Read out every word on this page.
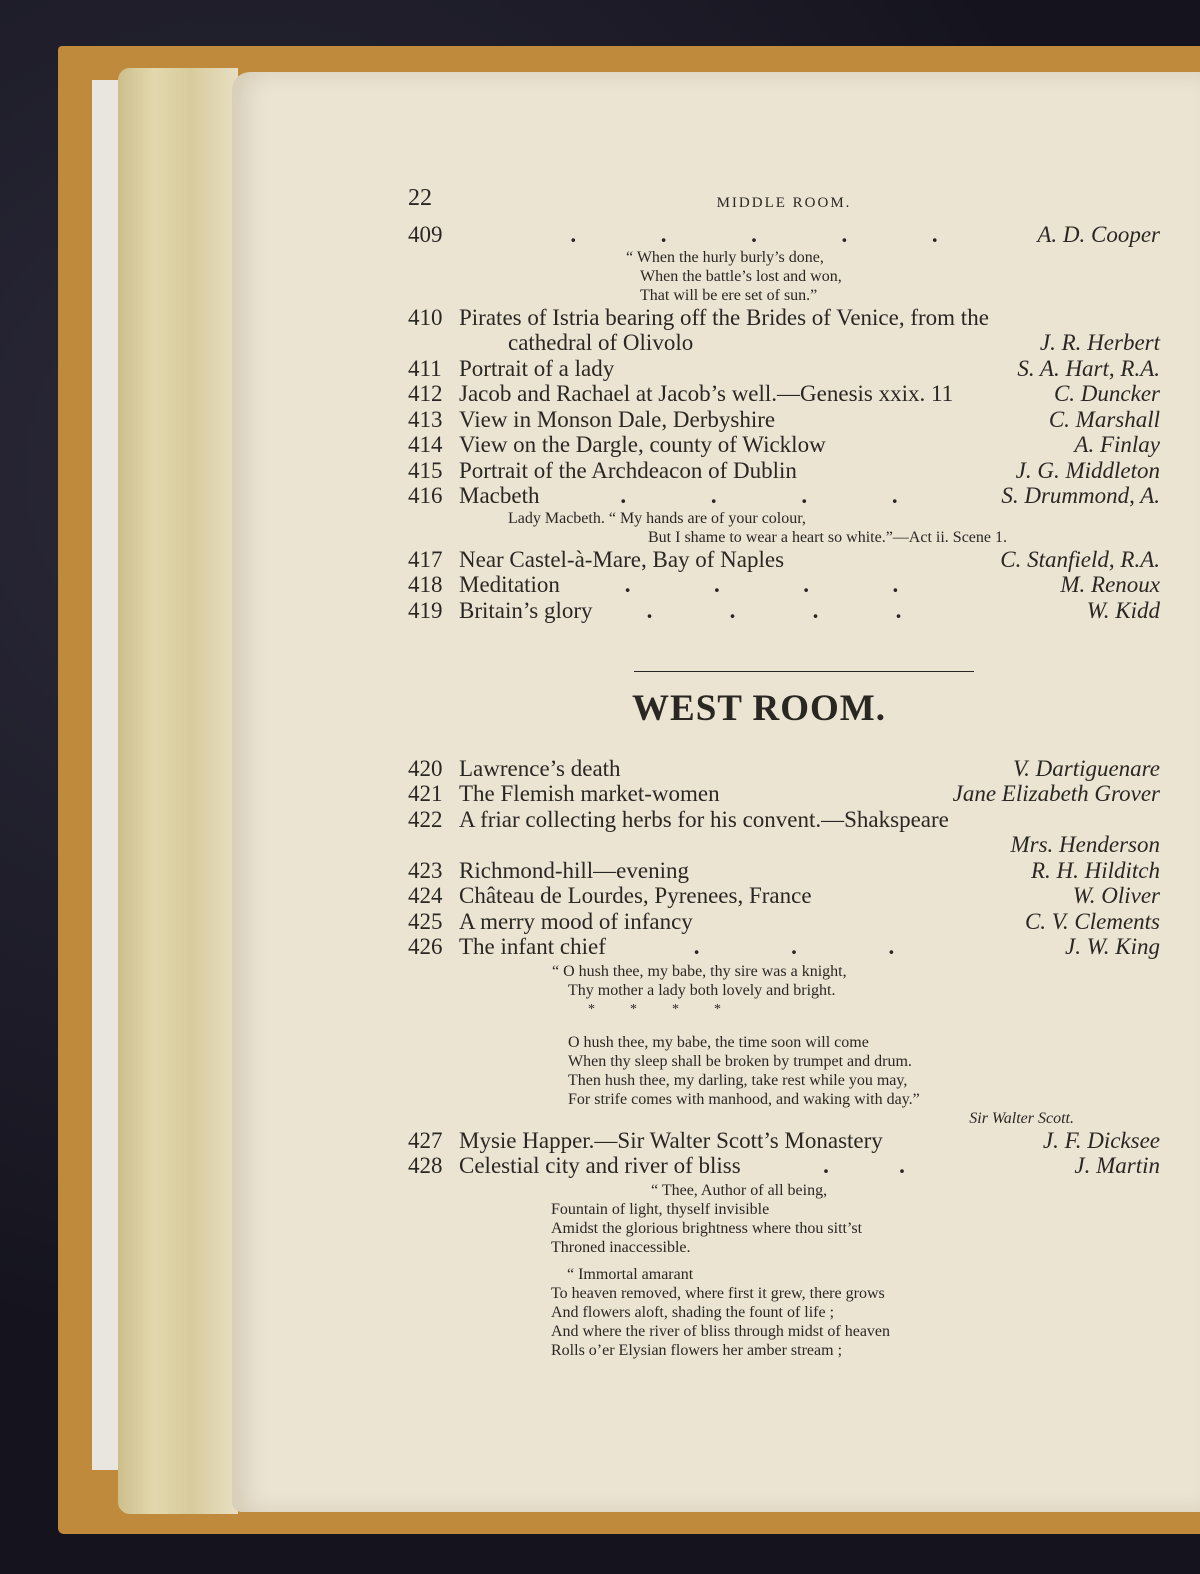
22	MIDDLE ROOM.
409	.	.	.	.	.	A. D. Cooper
“ When the hurly burly’s done,
When the battle’s lost and won,
That will be ere set of sun.”
410 Pirates of Istria bearing off the Brides of Venice, from the
cathedral of Olivolo	J. R. Herbert
411 Portrait of a lady	S. A. Hart, R.A.
412 Jacob and Rachael at Jacob’s well.—Genesis xxix. 11	C. Duncker
413 View in Monson Dale, Derbyshire	C. Marshall
414 View on the Dargle, county of Wicklow	A. Finlay
415 Portrait of the Archdeacon of Dublin	J. G. Middleton
416 Macbeth	.	.	.	.	S. Drummond, A.
Lady Macbeth. “ My hands are of your colour,
But I shame to wear a heart so white.”—Act ii. Scene 1.
417 Near Castel-à-Mare, Bay of Naples	C. Stanfield, R.A.
418 Meditation	.	.	.	.	M. Renoux
419 Britain’s glory .	.	.	.	W. Kidd
WEST ROOM.
420 Lawrence’s death	V. Dartiguenare
421 The Flemish market-women	Jane Elizabeth Grover
422 A friar collecting herbs for his convent.—Shakspeare
Mrs. Henderson
423 Richmond-hill—evening	R. H. Hilditch
424 Château de Lourdes, Pyrenees, France	W. Oliver
425 A merry mood of infancy	C. V. Clements
426 The infant chief	.	.	.	J. W. King
“ O hush thee, my babe, thy sire was a knight,
Thy mother a lady both lovely and bright.
*          *          *          *
O hush thee, my babe, the time soon will come
When thy sleep shall be broken by trumpet and drum.
Then hush thee, my darling, take rest while you may,
For strife comes with manhood, and waking with day.”
Sir Walter Scott.
427 Mysie Happer.—Sir Walter Scott’s Monastery	J. F. Dicksee
428 Celestial city and river of bliss	.	.	J. Martin
“ Thee, Author of all being,
Fountain of light, thyself invisible
Amidst the glorious brightness where thou sitt’st
Throned inaccessible.
“ Immortal amarant
To heaven removed, where first it grew, there grows
And flowers aloft, shading the fount of life ;
And where the river of bliss through midst of heaven
Rolls o’er Elysian flowers her amber stream ;
